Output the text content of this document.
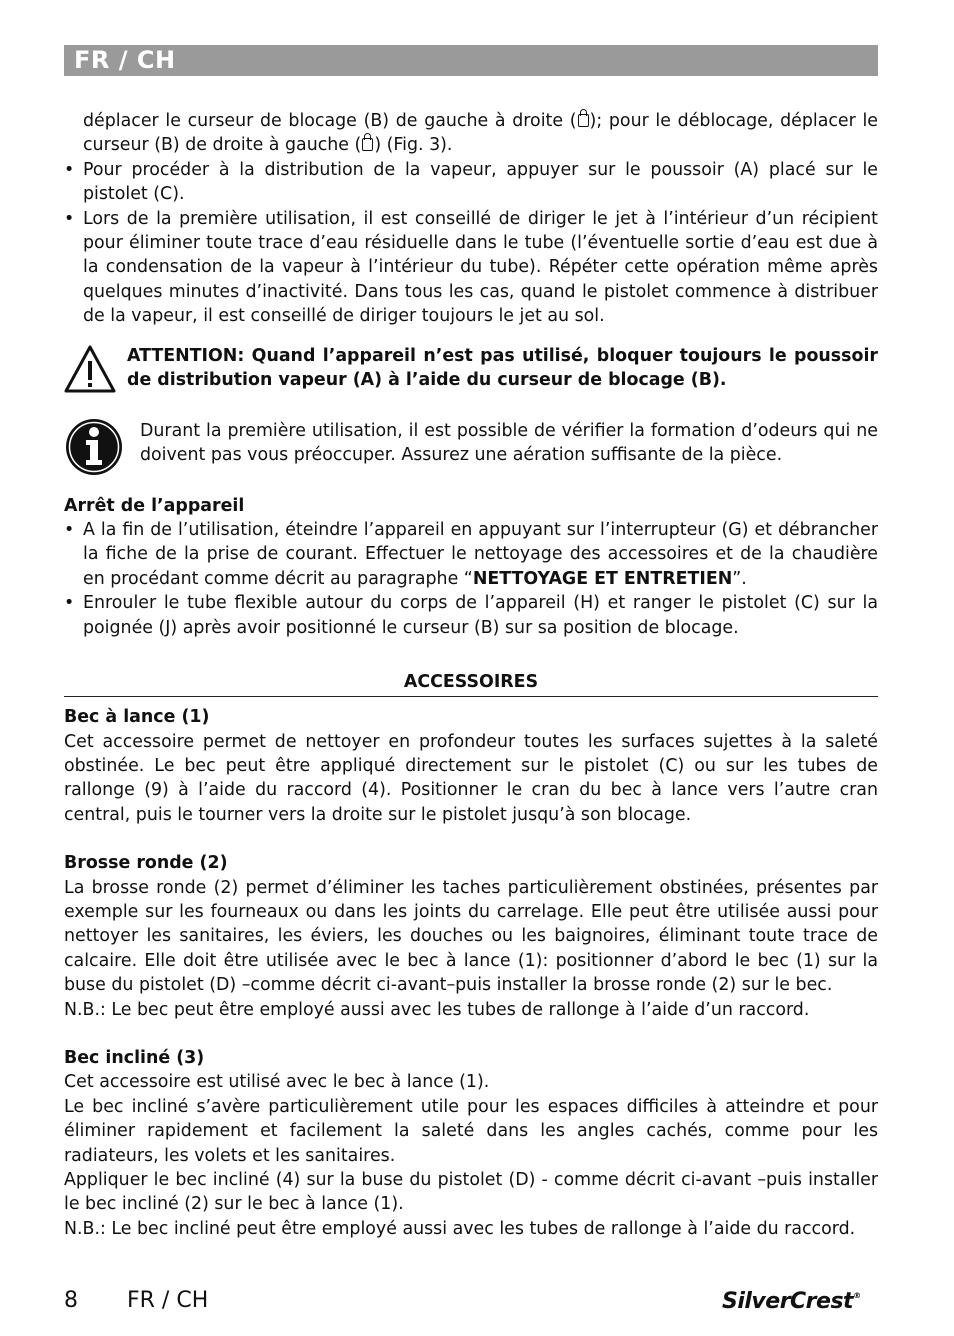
FR / CH

déplacer le curseur de blocage (B) de gauche à droite ( ); pour le déblocage, déplacer le curseur (B) de droite à gauche ( ) (Fig. 3).

• Pour procéder à la distribution de la vapeur, appuyer sur le poussoir (A) placé sur le pistolet (C).

• Lors de la première utilisation, il est conseillé de diriger le jet à l’intérieur d’un récipient pour éliminer toute trace d’eau résiduelle dans le tube (l’éventuelle sortie d’eau est due à la condensation de la vapeur à l’intérieur du tube). Répéter cette opération même après quelques minutes d’inactivité. Dans tous les cas, quand le pistolet commence à distribuer de la vapeur, il est conseillé de diriger toujours le jet au sol.

ATTENTION: Quand l’appareil n’est pas utilisé, bloquer toujours le poussoir de distribution vapeur (A) à l’aide du curseur de blocage (B).

Durant la première utilisation, il est possible de vérifier la formation d’odeurs qui ne doivent pas vous préoccuper. Assurez une aération suffisante de la pièce.

Arrêt de l’appareil

• A la fin de l’utilisation, éteindre l’appareil en appuyant sur l’interrupteur (G) et débrancher la fiche de la prise de courant. Effectuer le nettoyage des accessoires et de la chaudière en procédant comme décrit au paragraphe “NETTOYAGE ET ENTRETIEN”.

• Enrouler le tube flexible autour du corps de l’appareil (H) et ranger le pistolet (C) sur la poignée (J) après avoir positionné le curseur (B) sur sa position de blocage.

ACCESSOIRES

Bec à lance (1)

Cet accessoire permet de nettoyer en profondeur toutes les surfaces sujettes à la saleté obstinée. Le bec peut être appliqué directement sur le pistolet (C) ou sur les tubes de rallonge (9) à l’aide du raccord (4). Positionner le cran du bec à lance vers l’autre cran central, puis le tourner vers la droite sur le pistolet jusqu’à son blocage.

Brosse ronde (2)

La brosse ronde (2) permet d’éliminer les taches particulièrement obstinées, présentes par exemple sur les fourneaux ou dans les joints du carrelage. Elle peut être utilisée aussi pour nettoyer les sanitaires, les éviers, les douches ou les baignoires, éliminant toute trace de calcaire. Elle doit être utilisée avec le bec à lance (1): positionner d’abord le bec (1) sur la buse du pistolet (D) –comme décrit ci-avant–puis installer la brosse ronde (2) sur le bec.

N.B.: Le bec peut être employé aussi avec les tubes de rallonge à l’aide d’un raccord.

Bec incliné (3)

Cet accessoire est utilisé avec le bec à lance (1).

Le bec incliné s’avère particulièrement utile pour les espaces difficiles à atteindre et pour éliminer rapidement et facilement la saleté dans les angles cachés, comme pour les radiateurs, les volets et les sanitaires.

Appliquer le bec incliné (4) sur la buse du pistolet (D) - comme décrit ci-avant –puis installer le bec incliné (2) sur le bec à lance (1).

N.B.: Le bec incliné peut être employé aussi avec les tubes de rallonge à l’aide du raccord.

8 FR / CH	SilverCrest®
